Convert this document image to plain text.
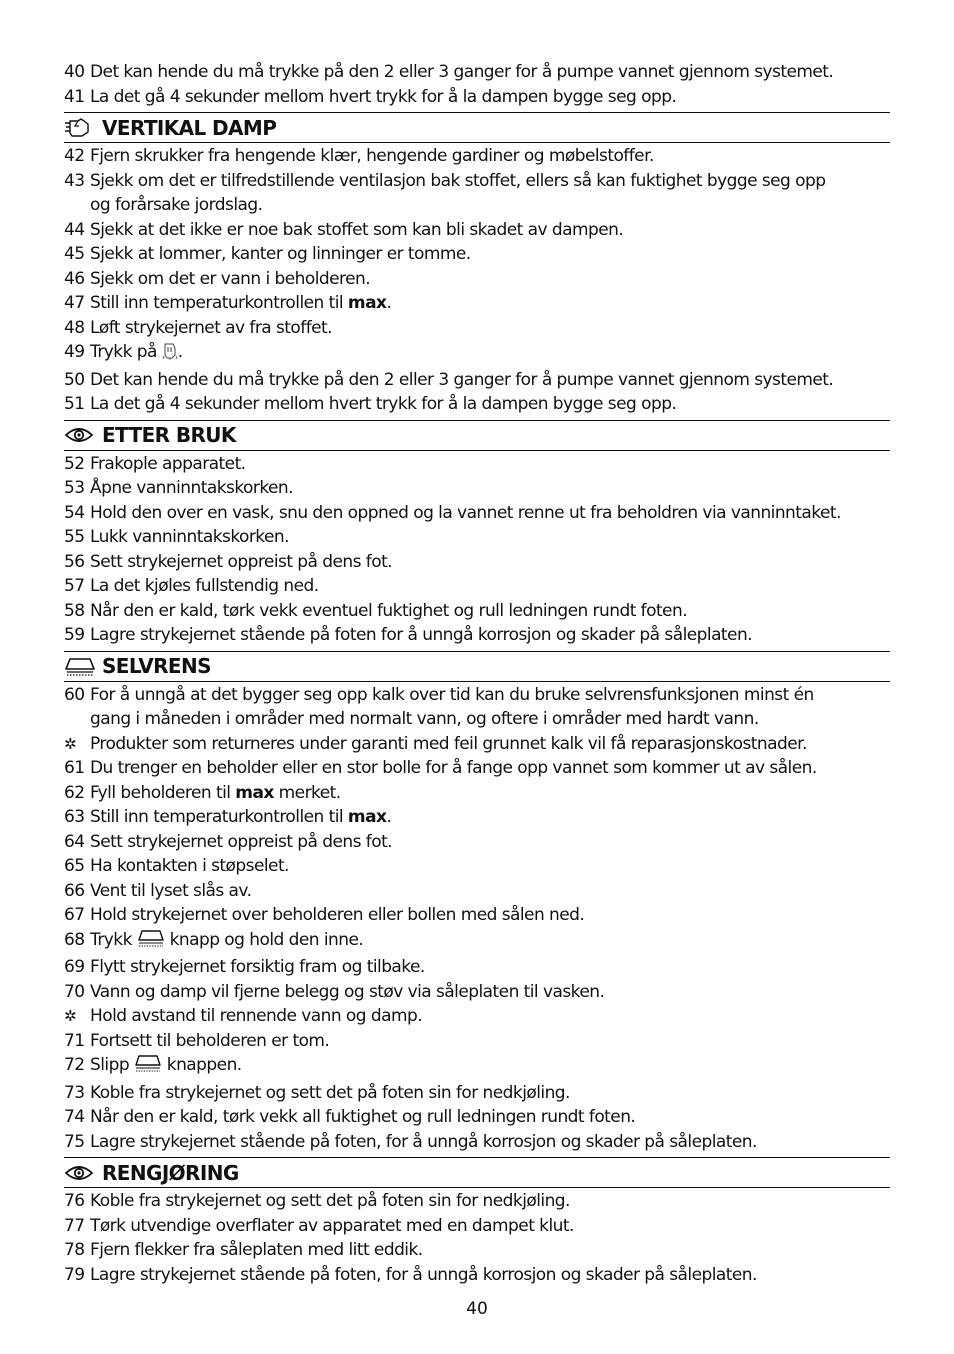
40 Det kan hende du må trykke på den 2 eller 3 ganger for å pumpe vannet gjennom systemet.
41 La det gå 4 sekunder mellom hvert trykk for å la dampen bygge seg opp.
VERTIKAL DAMP
42 Fjern skrukker fra hengende klær, hengende gardiner og møbelstoffer.
43 Sjekk om det er tilfredstillende ventilasjon bak stoffet, ellers så kan fuktighet bygge seg opp
og forårsake jordslag.
44 Sjekk at det ikke er noe bak stoffet som kan bli skadet av dampen.
45 Sjekk at lommer, kanter og linninger er tomme.
46 Sjekk om det er vann i beholderen.
47 Still inn temperaturkontrollen til max.
48 Løft strykejernet av fra stoffet.
49 Trykk på .
50 Det kan hende du må trykke på den 2 eller 3 ganger for å pumpe vannet gjennom systemet.
51 La det gå 4 sekunder mellom hvert trykk for å la dampen bygge seg opp.
ETTER BRUK
52 Frakople apparatet.
53 Åpne vanninntakskorken.
54 Hold den over en vask, snu den oppned og la vannet renne ut fra beholdren via vanninntaket.
55 Lukk vanninntakskorken.
56 Sett strykejernet oppreist på dens fot.
57 La det kjøles fullstendig ned.
58 Når den er kald, tørk vekk eventuel fuktighet og rull ledningen rundt foten.
59 Lagre strykejernet stående på foten for å unngå korrosjon og skader på såleplaten.
SELVRENS
60 For å unngå at det bygger seg opp kalk over tid kan du bruke selvrensfunksjonen minst én
gang i måneden i områder med normalt vann, og oftere i områder med hardt vann.
✲ Produkter som returneres under garanti med feil grunnet kalk vil få reparasjonskostnader.
61 Du trenger en beholder eller en stor bolle for å fange opp vannet som kommer ut av sålen.
62 Fyll beholderen til max merket.
63 Still inn temperaturkontrollen til max.
64 Sett strykejernet oppreist på dens fot.
65 Ha kontakten i støpselet.
66 Vent til lyset slås av.
67 Hold strykejernet over beholderen eller bollen med sålen ned.
68 Trykk  knapp og hold den inne.
69 Flytt strykejernet forsiktig fram og tilbake.
70 Vann og damp vil fjerne belegg og støv via såleplaten til vasken.
✲ Hold avstand til rennende vann og damp.
71 Fortsett til beholderen er tom.
72 Slipp  knappen.
73 Koble fra strykejernet og sett det på foten sin for nedkjøling.
74 Når den er kald, tørk vekk all fuktighet og rull ledningen rundt foten.
75 Lagre strykejernet stående på foten, for å unngå korrosjon og skader på såleplaten.
RENGJØRING
76 Koble fra strykejernet og sett det på foten sin for nedkjøling.
77 Tørk utvendige overflater av apparatet med en dampet klut.
78 Fjern flekker fra såleplaten med litt eddik.
79 Lagre strykejernet stående på foten, for å unngå korrosjon og skader på såleplaten.
40
